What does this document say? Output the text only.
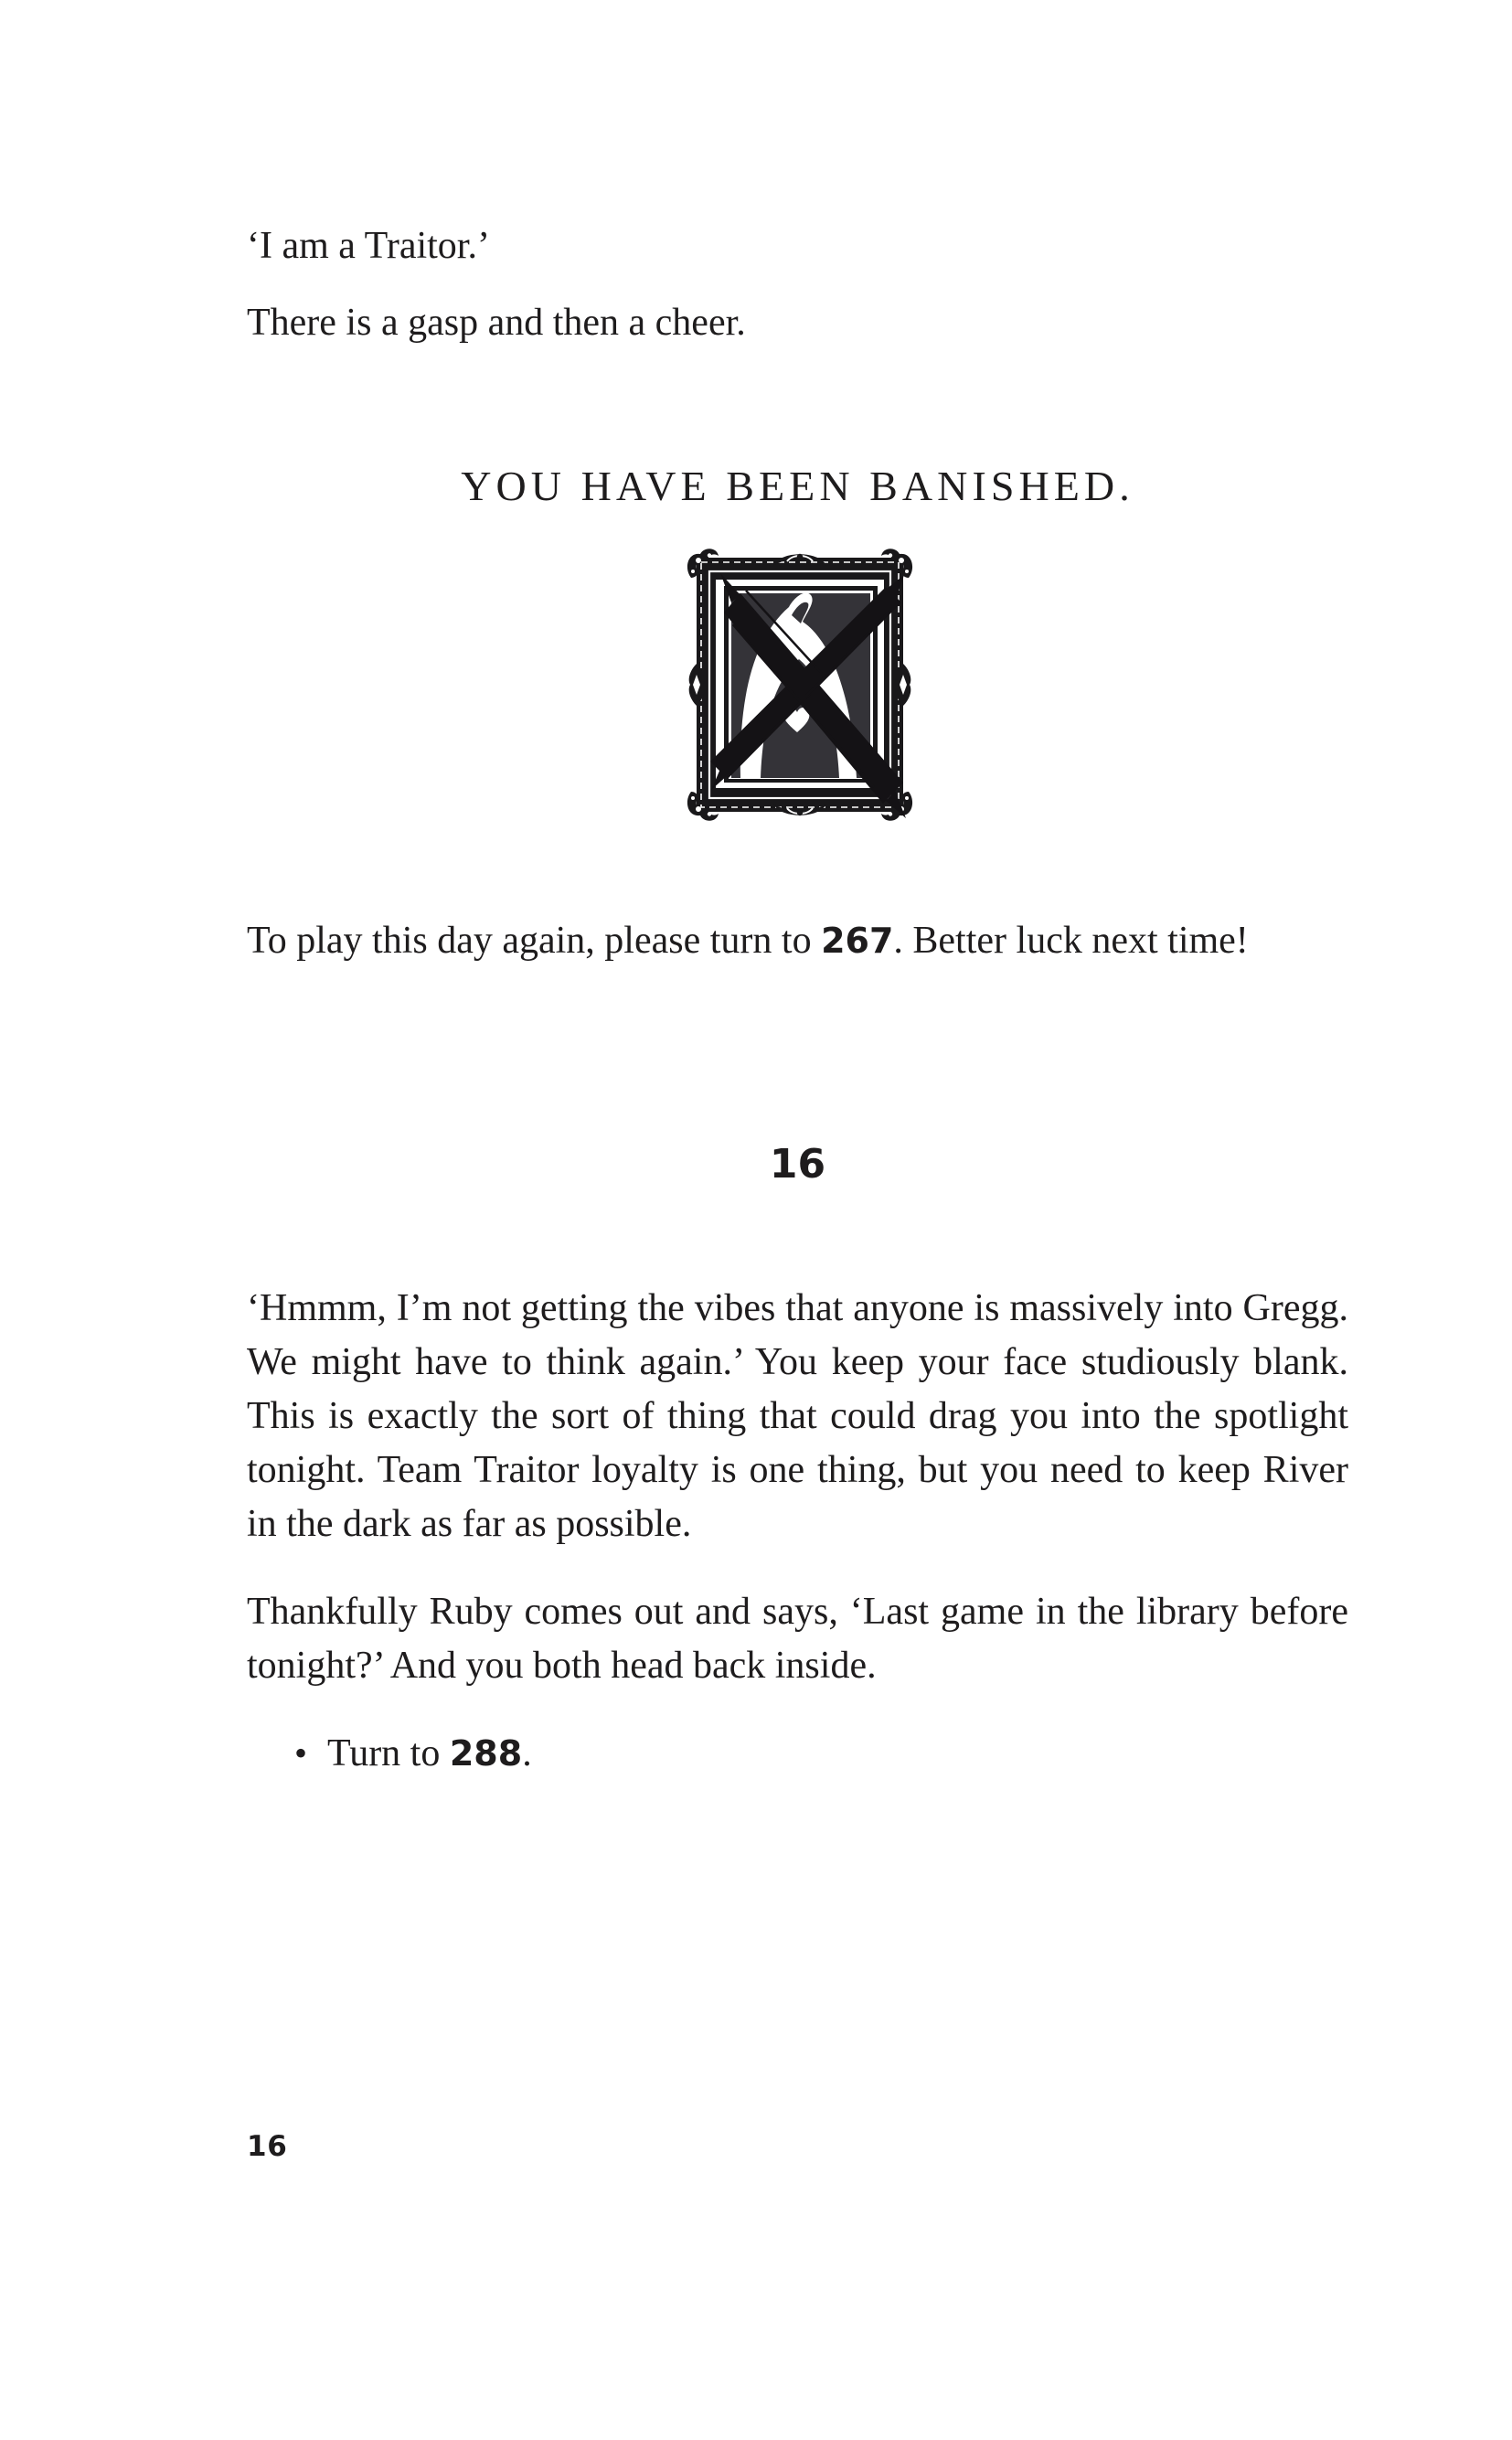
‘I am a Traitor.’
There is a gasp and then a cheer.
YOU HAVE BEEN BANISHED.
To play this day again, please turn to 267. Better luck next time!
16
‘Hmmm, I’m not getting the vibes that anyone is massively into Gregg. We might have to think again.’ You keep your face studiously blank. This is exactly the sort of thing that could drag you into the spotlight tonight. Team Traitor loyalty is one thing, but you need to keep River in the dark as far as possible.
Thankfully Ruby comes out and says, ‘Last game in the library before tonight?’ And you both head back inside.
• Turn to 288.
16
